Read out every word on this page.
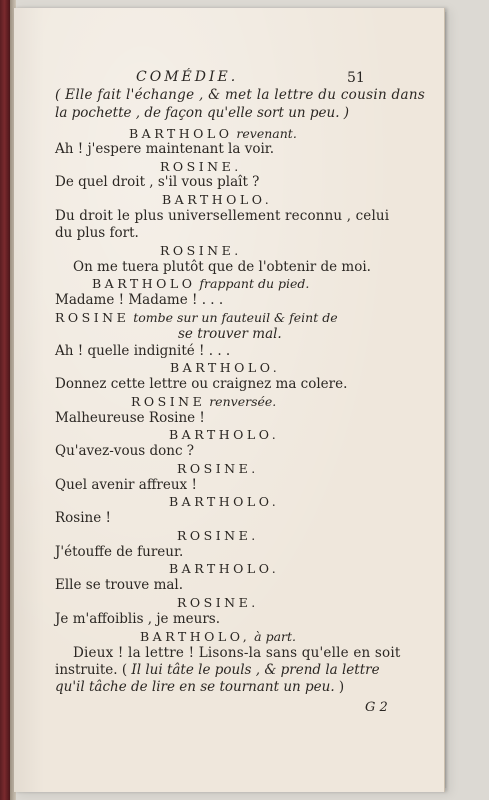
COMÉDIE.	51
( Elle fait l'échange , & met la lettre du cousin dans
la pochette , de façon qu'elle sort un peu. )
BARTHOLO revenant.
Ah ! j'espere maintenant la voir.
ROSINE.
De quel droit , s'il vous plaît ?
BARTHOLO.
Du droit le plus universellement reconnu , celui
du plus fort.
ROSINE.
On me tuera plutôt que de l'obtenir de moi.
BARTHOLO frappant du pied.
Madame ! Madame ! . . .
ROSINE tombe sur un fauteuil & feint de
se trouver mal.
Ah ! quelle indignité ! . . .
BARTHOLO.
Donnez cette lettre ou craignez ma colere.
ROSINE renversée.
Malheureuse Rosine !
BARTHOLO.
Qu'avez-vous donc ?
ROSINE.
Quel avenir affreux !
BARTHOLO.
Rosine !
ROSINE.
J'étouffe de fureur.
BARTHOLO.
Elle se trouve mal.
ROSINE.
Je m'affoiblis , je meurs.
BARTHOLO, à part.
Dieux ! la lettre ! Lisons-la sans qu'elle en soit
instruite. ( Il lui tâte le pouls , & prend la lettre
qu'il tâche de lire en se tournant un peu. )
G 2
